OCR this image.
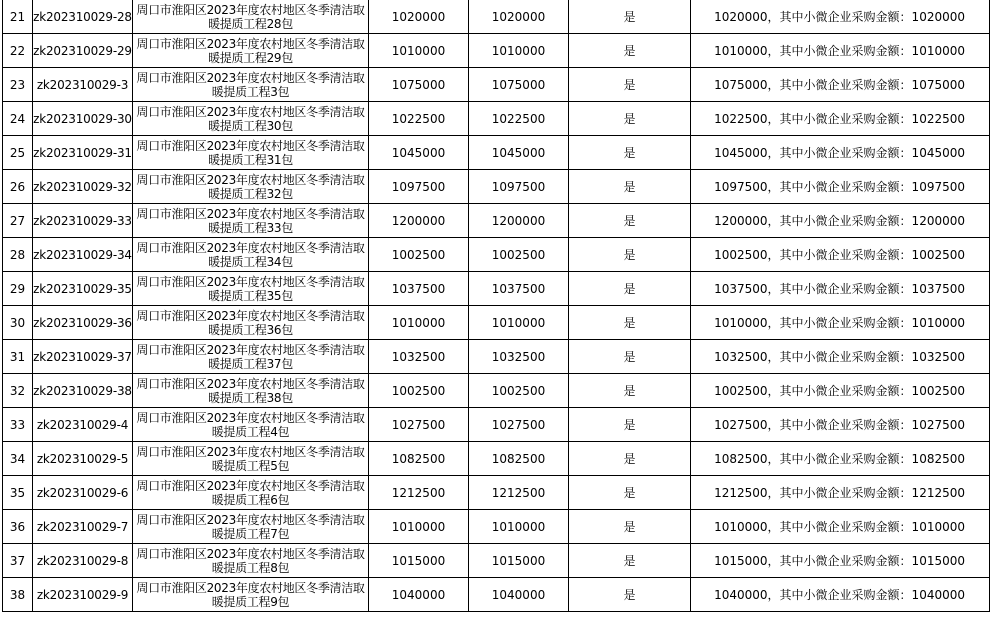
21	zk202310029-28	周口市淮阳区2023年度农村地区冬季清洁取暖提质工程28包	1020000	1020000	是	1020000，其中小微企业采购金额：1020000
22	zk202310029-29	周口市淮阳区2023年度农村地区冬季清洁取暖提质工程29包	1010000	1010000	是	1010000，其中小微企业采购金额：1010000
23	zk202310029-3	周口市淮阳区2023年度农村地区冬季清洁取暖提质工程3包	1075000	1075000	是	1075000，其中小微企业采购金额：1075000
24	zk202310029-30	周口市淮阳区2023年度农村地区冬季清洁取暖提质工程30包	1022500	1022500	是	1022500，其中小微企业采购金额：1022500
25	zk202310029-31	周口市淮阳区2023年度农村地区冬季清洁取暖提质工程31包	1045000	1045000	是	1045000，其中小微企业采购金额：1045000
26	zk202310029-32	周口市淮阳区2023年度农村地区冬季清洁取暖提质工程32包	1097500	1097500	是	1097500，其中小微企业采购金额：1097500
27	zk202310029-33	周口市淮阳区2023年度农村地区冬季清洁取暖提质工程33包	1200000	1200000	是	1200000，其中小微企业采购金额：1200000
28	zk202310029-34	周口市淮阳区2023年度农村地区冬季清洁取暖提质工程34包	1002500	1002500	是	1002500，其中小微企业采购金额：1002500
29	zk202310029-35	周口市淮阳区2023年度农村地区冬季清洁取暖提质工程35包	1037500	1037500	是	1037500，其中小微企业采购金额：1037500
30	zk202310029-36	周口市淮阳区2023年度农村地区冬季清洁取暖提质工程36包	1010000	1010000	是	1010000，其中小微企业采购金额：1010000
31	zk202310029-37	周口市淮阳区2023年度农村地区冬季清洁取暖提质工程37包	1032500	1032500	是	1032500，其中小微企业采购金额：1032500
32	zk202310029-38	周口市淮阳区2023年度农村地区冬季清洁取暖提质工程38包	1002500	1002500	是	1002500，其中小微企业采购金额：1002500
33	zk202310029-4	周口市淮阳区2023年度农村地区冬季清洁取暖提质工程4包	1027500	1027500	是	1027500，其中小微企业采购金额：1027500
34	zk202310029-5	周口市淮阳区2023年度农村地区冬季清洁取暖提质工程5包	1082500	1082500	是	1082500，其中小微企业采购金额：1082500
35	zk202310029-6	周口市淮阳区2023年度农村地区冬季清洁取暖提质工程6包	1212500	1212500	是	1212500，其中小微企业采购金额：1212500
36	zk202310029-7	周口市淮阳区2023年度农村地区冬季清洁取暖提质工程7包	1010000	1010000	是	1010000，其中小微企业采购金额：1010000
37	zk202310029-8	周口市淮阳区2023年度农村地区冬季清洁取暖提质工程8包	1015000	1015000	是	1015000，其中小微企业采购金额：1015000
38	zk202310029-9	周口市淮阳区2023年度农村地区冬季清洁取暖提质工程9包	1040000	1040000	是	1040000，其中小微企业采购金额：1040000
